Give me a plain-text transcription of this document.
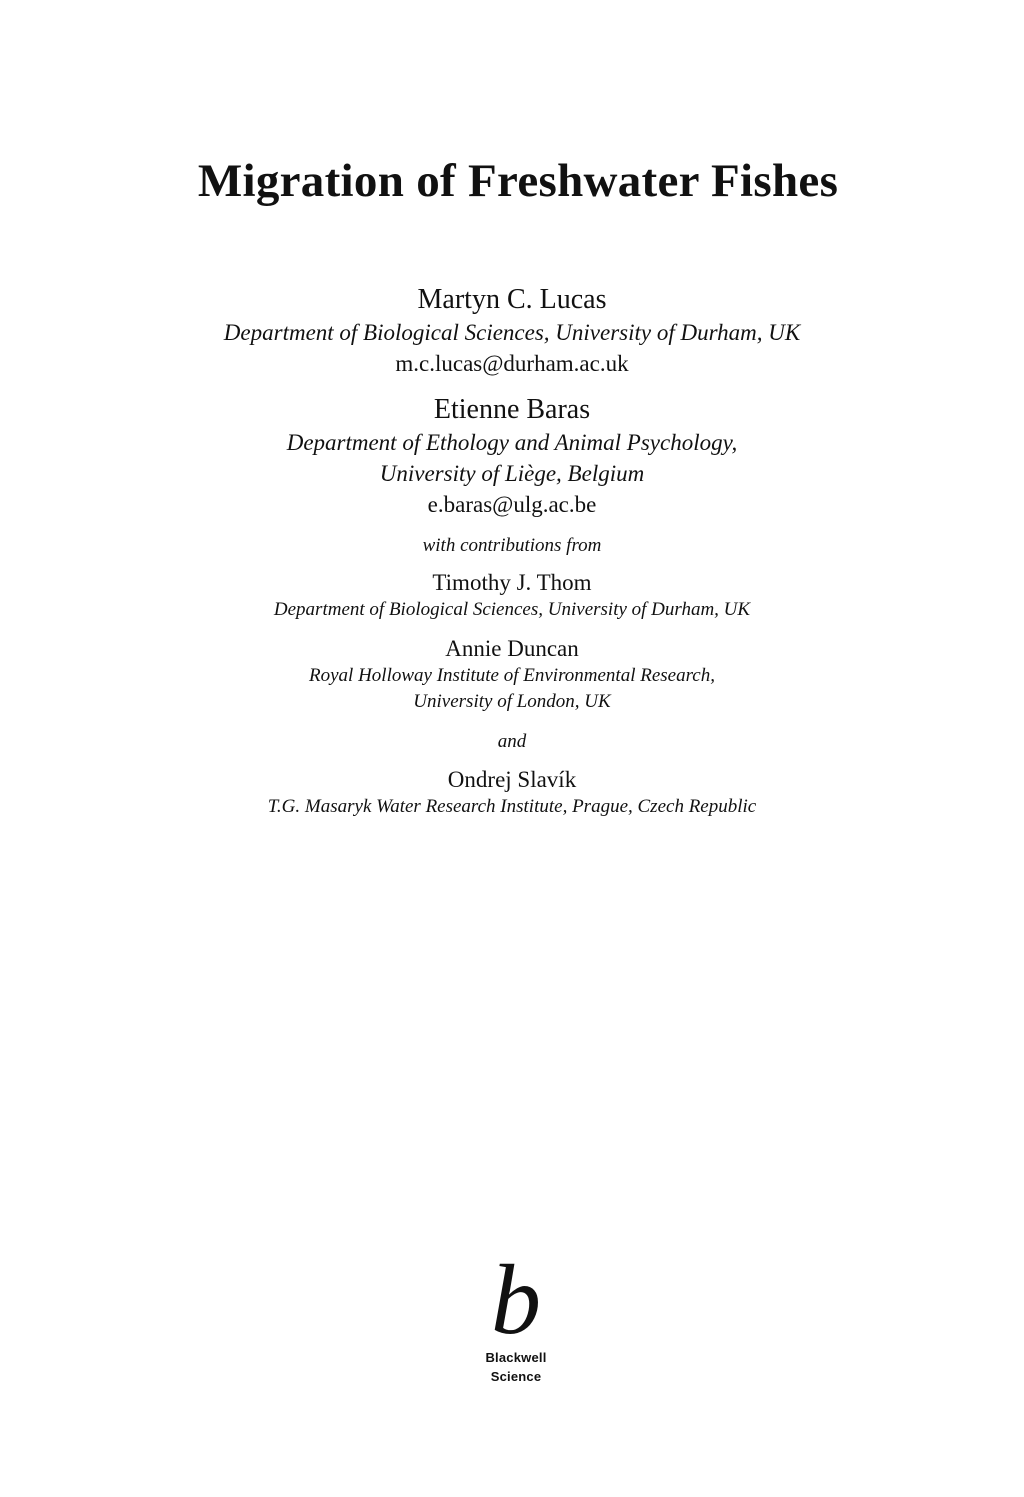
Migration of Freshwater Fishes
Martyn C. Lucas
Department of Biological Sciences, University of Durham, UK
m.c.lucas@durham.ac.uk
Etienne Baras
Department of Ethology and Animal Psychology,
University of Liège, Belgium
e.baras@ulg.ac.be
with contributions from
Timothy J. Thom
Department of Biological Sciences, University of Durham, UK
Annie Duncan
Royal Holloway Institute of Environmental Research,
University of London, UK
and
Ondrej Slavík
T.G. Masaryk Water Research Institute, Prague, Czech Republic
b
Blackwell
Science
